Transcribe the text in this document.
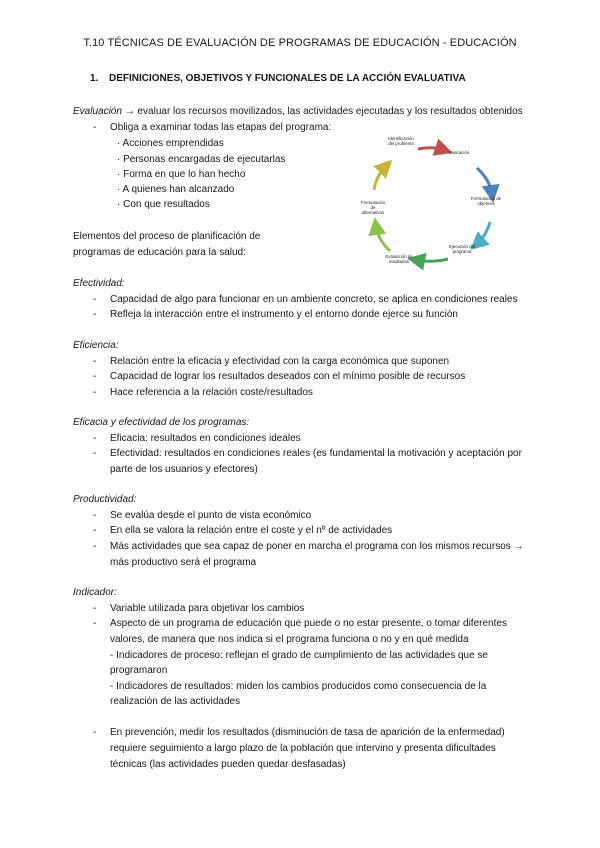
T.10 TÉCNICAS DE EVALUACIÓN DE PROGRAMAS DE EDUCACIÓN - EDUCACIÓN
1. DEFINICIONES, OBJETIVOS Y FUNCIONALES DE LA ACCIÓN EVALUATIVA
Evaluación → evaluar los recursos movilizados, las actividades ejecutadas y los resultados obtenidos
- Obliga a examinar todas las etapas del programa:
· Acciones emprendidas
· Personas encargadas de ejecutarlas
· Forma en que lo han hecho
· A quienes han alcanzado
· Con que resultados
Elementos del proceso de planificación de
programas de educación para la salud:
Identificación del problema
Valoración
Formulación de objetivos
Ejecución del programa
Evaluación de resultados
Formulación de alternativas
Efectividad:
- Capacidad de algo para funcionar en un ambiente concreto, se aplica en condiciones reales
- Refleja la interacción entre el instrumento y el entorno donde ejerce su función
Eficiencia:
- Relación entre la eficacia y efectividad con la carga económica que suponen
- Capacidad de lograr los resultados deseados con el mínimo posible de recursos
- Hace referencia a la relación coste/resultados
Eficacia y efectividad de los programas:
- Eficacia: resultados en condiciones ideales
- Efectividad: resultados en condiciones reales (es fundamental la motivación y aceptación por
parte de los usuarios y efectores)
Productividad:
- Se evalúa desde el punto de vista económico
- En ella se valora la relación entre el coste y el nº de actividades
- Más actividades que sea capaz de poner en marcha el programa con los mismos recursos →
más productivo será el programa
Indicador:
- Variable utilizada para objetivar los cambios
- Aspecto de un programa de educación que puede o no estar presente, o tomar diferentes
valores, de manera que nos indica si el programa funciona o no y en qué medida
- Indicadores de proceso: reflejan el grado de cumplimiento de las actividades que se
programaron
- Indicadores de resultados: miden los cambios producidos como consecuencia de la
realización de las actividades
- En prevención, medir los resultados (disminución de tasa de aparición de la enfermedad)
requiere seguimiento a largo plazo de la población que intervino y presenta dificultades
técnicas (las actividades pueden quedar desfasadas)
